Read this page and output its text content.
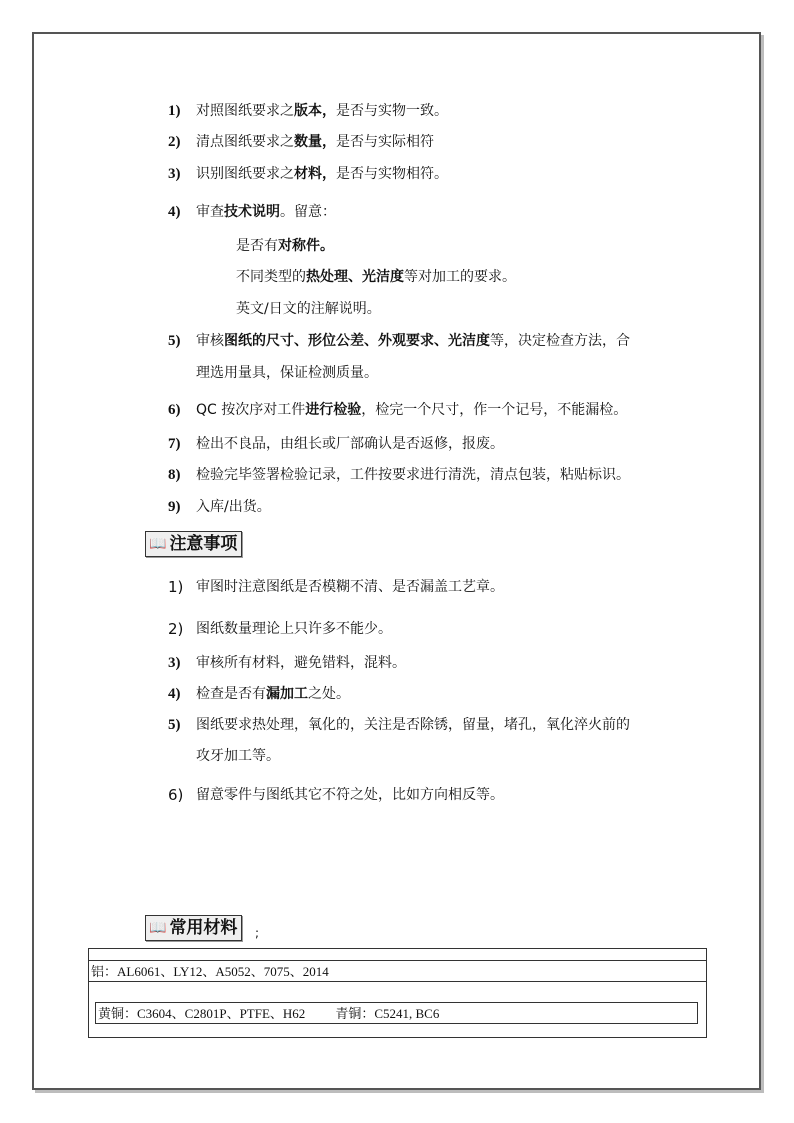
1)	对照图纸要求之版本，是否与实物一致。
2)	清点图纸要求之数量，是否与实际相符
3)	识别图纸要求之材料，是否与实物相符。
4)	审查技术说明。留意：
是否有对称件。
不同类型的热处理、光洁度等对加工的要求。
英文/日文的注解说明。
5)	审核图纸的尺寸、形位公差、外观要求、光洁度等，决定检查方法，合
理选用量具，保证检测质量。
6)	QC 按次序对工件进行检验，检完一个尺寸，作一个记号，不能漏检。
7)	检出不良品，由组长或厂部确认是否返修，报废。
8)	检验完毕签署检验记录，工件按要求进行清洗，清点包装，粘贴标识。
9)	入库/出货。
📖 注意事项
1) 审图时注意图纸是否模糊不清、是否漏盖工艺章。
2) 图纸数量理论上只许多不能少。
3)	审核所有材料，避免错料，混料。
4)	检查是否有漏加工之处。
5)	图纸要求热处理，氧化的，关注是否除锈，留量，堵孔，氧化淬火前的
攻牙加工等。
6) 留意零件与图纸其它不符之处，比如方向相反等。
📖 常用材料	;
铝：AL6061、LY12、A5052、7075、2014
黄铜：C3604、C2801P、PTFE、H62 青铜：C5241, BC6
